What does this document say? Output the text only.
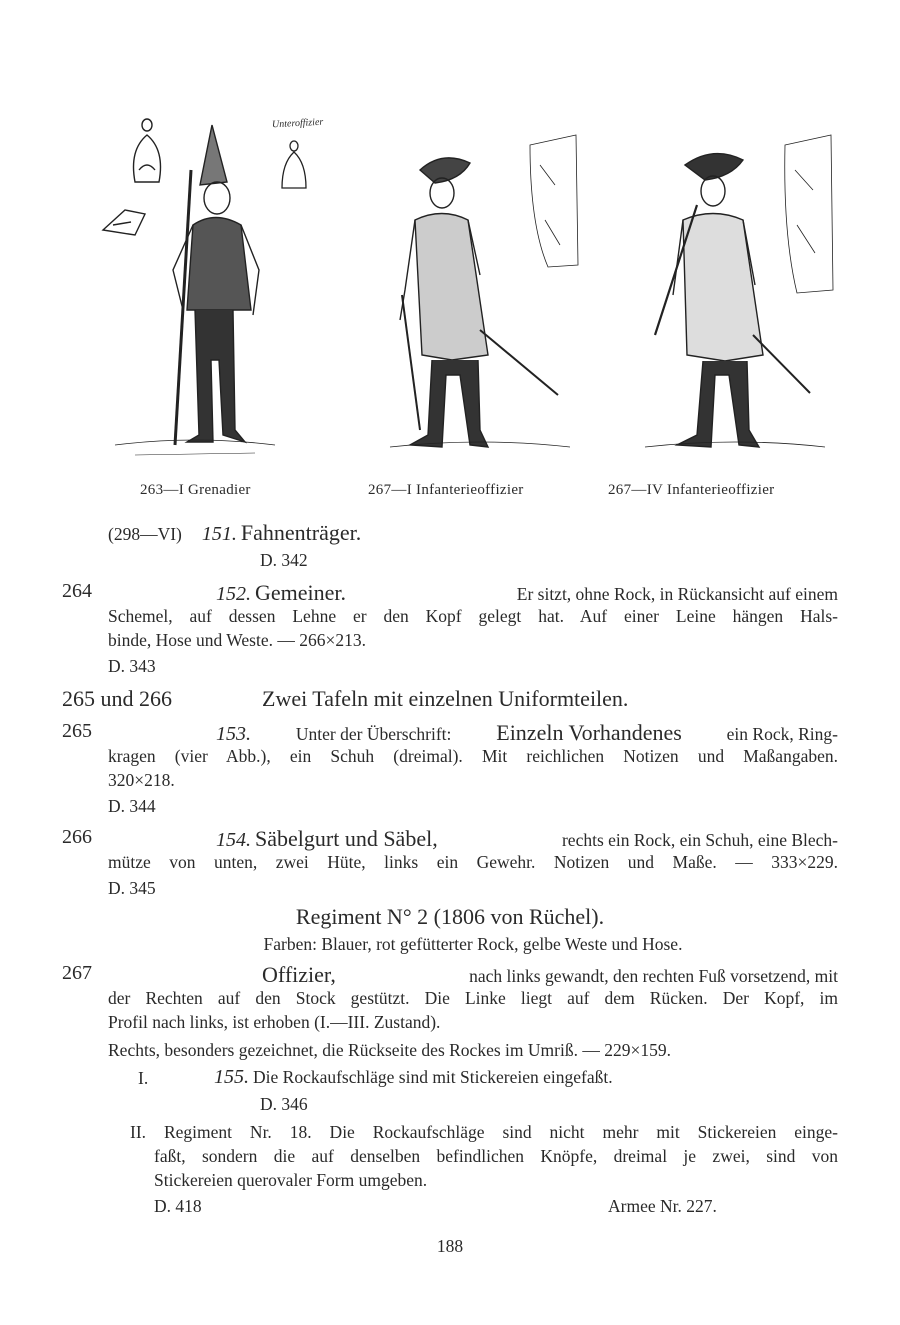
Unteroffizier
263—I Grenadier	267—I Infanterieoffizier	267—IV Infanterieoffizier
(298—VI) 151. Fahnenträger.
D. 342
264	152. Gemeiner.	Er sitzt, ohne Rock, in Rückansicht auf einem
Schemel, auf dessen Lehne er den Kopf gelegt hat. Auf einer Leine hängen Hals-
binde, Hose und Weste. — 266×213.
D. 343
265 und 266	Zwei Tafeln mit einzelnen Uniformteilen.
265	153.	Unter der Überschrift: Einzeln Vorhandenes	ein Rock, Ring-
kragen (vier Abb.), ein Schuh (dreimal). Mit reichlichen Notizen und Maßangaben.
320×218.
D. 344
266	154. Säbelgurt und Säbel,	rechts ein Rock, ein Schuh, eine Blech-
mütze von unten, zwei Hüte, links ein Gewehr. Notizen und Maße. — 333×229.
D. 345
Regiment N° 2 (1806 von Rüchel).
Farben: Blauer, rot gefütterter Rock, gelbe Weste und Hose.
267	Offizier,	nach links gewandt, den rechten Fuß vorsetzend, mit
der Rechten auf den Stock gestützt. Die Linke liegt auf dem Rücken. Der Kopf, im
Profil nach links, ist erhoben (I.—III. Zustand).
Rechts, besonders gezeichnet, die Rückseite des Rockes im Umriß. — 229×159.
I.	155. Die Rockaufschläge sind mit Stickereien eingefaßt.
D. 346
II. Regiment Nr. 18. Die Rockaufschläge sind nicht mehr mit Stickereien einge-
faßt, sondern die auf denselben befindlichen Knöpfe, dreimal je zwei, sind von
Stickereien querovaler Form umgeben.
D. 418	Armee Nr. 227.
188
